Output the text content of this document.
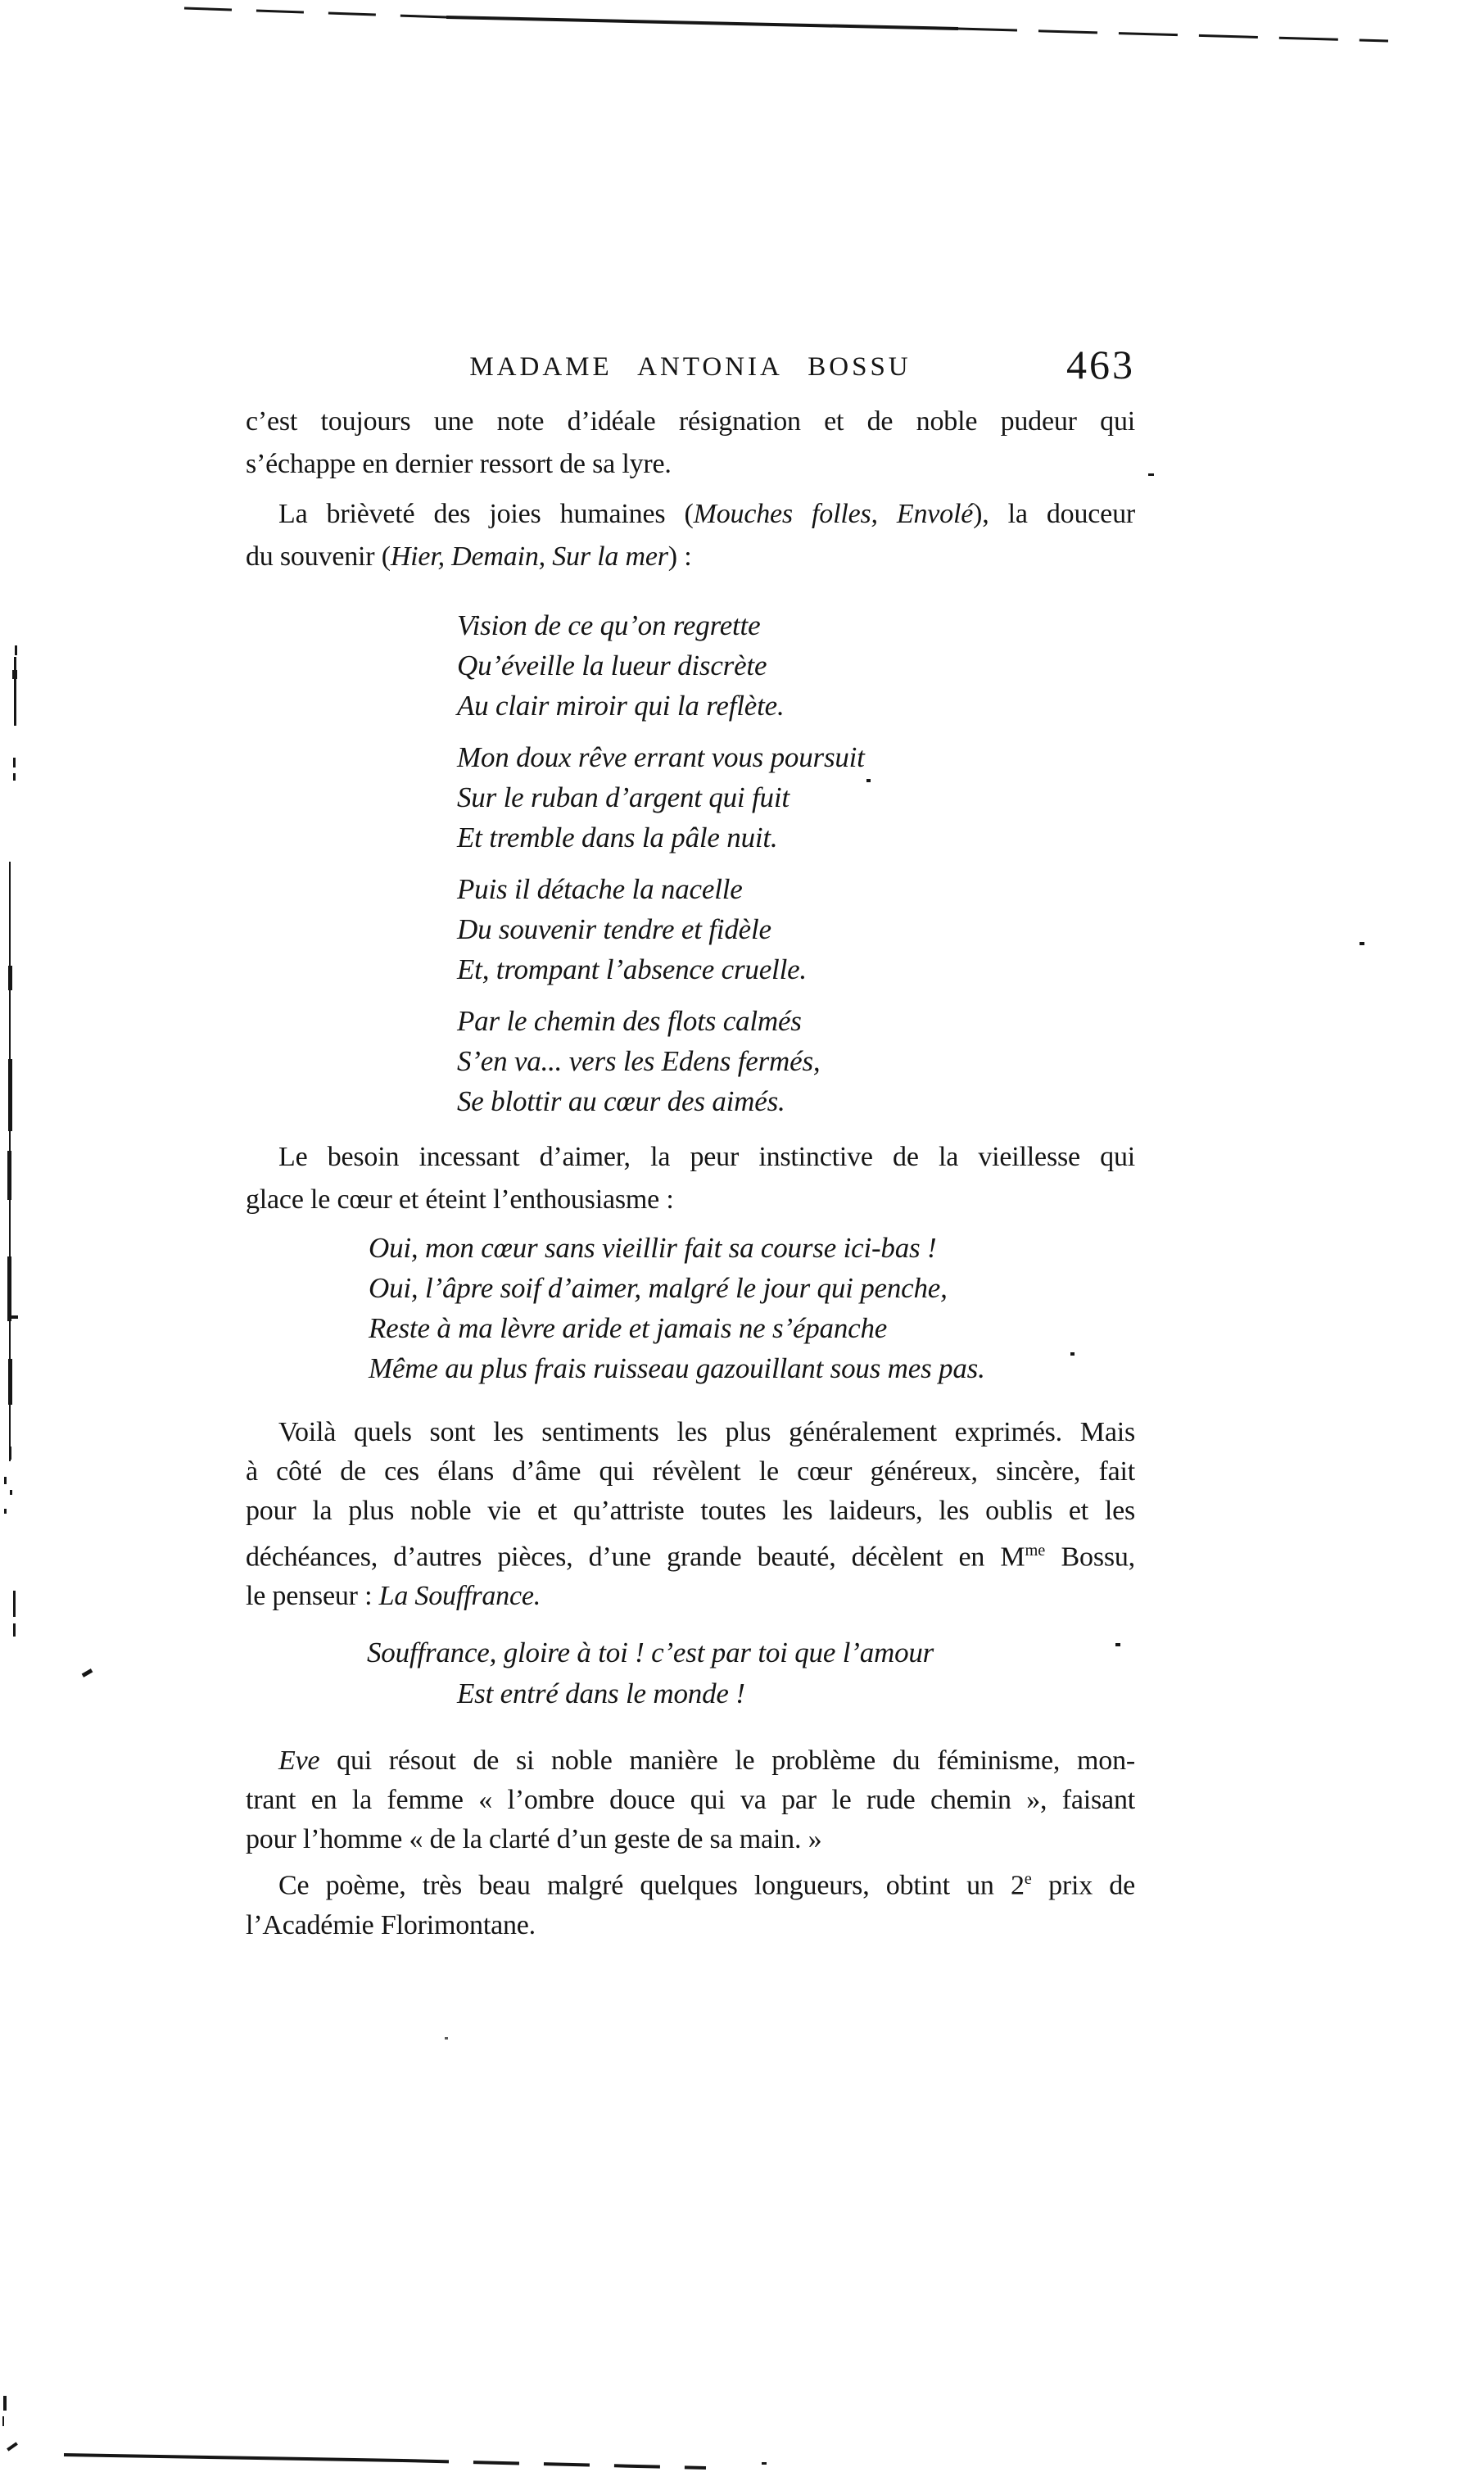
MADAME ANTONIA BOSSU	463
c’est toujours une note d’idéale résignation et de noble pudeur qui
s’échappe en dernier ressort de sa lyre.
La brièveté des joies humaines (Mouches folles, Envolé), la douceur
du souvenir (Hier, Demain, Sur la mer) :
Vision de ce qu’on regrette
Qu’éveille la lueur discrète
Au clair miroir qui la reflète.
Mon doux rêve errant vous poursuit
Sur le ruban d’argent qui fuit
Et tremble dans la pâle nuit.
Puis il détache la nacelle
Du souvenir tendre et fidèle
Et, trompant l’absence cruelle.
Par le chemin des flots calmés
S’en va... vers les Edens fermés,
Se blottir au cœur des aimés.
Le besoin incessant d’aimer, la peur instinctive de la vieillesse qui
glace le cœur et éteint l’enthousiasme :
Oui, mon cœur sans vieillir fait sa course ici-bas !
Oui, l’âpre soif d’aimer, malgré le jour qui penche,
Reste à ma lèvre aride et jamais ne s’épanche
Même au plus frais ruisseau gazouillant sous mes pas.
Voilà quels sont les sentiments les plus généralement exprimés. Mais
à côté de ces élans d’âme qui révèlent le cœur généreux, sincère, fait
pour la plus noble vie et qu’attriste toutes les laideurs, les oublis et les
déchéances, d’autres pièces, d’une grande beauté, décèlent en $M^{me}$ Bossu,
le penseur : La Souffrance.
Souffrance, gloire à toi ! c’est par toi que l’amour
Est entré dans le monde !
Eve qui résout de si noble manière le problème du féminisme, mon-
trant en la femme « l’ombre douce qui va par le rude chemin », faisant
pour l’homme « de la clarté d’un geste de sa main. »
Ce poème, très beau malgré quelques longueurs, obtint un 2e prix de
l’Académie Florimontane.
